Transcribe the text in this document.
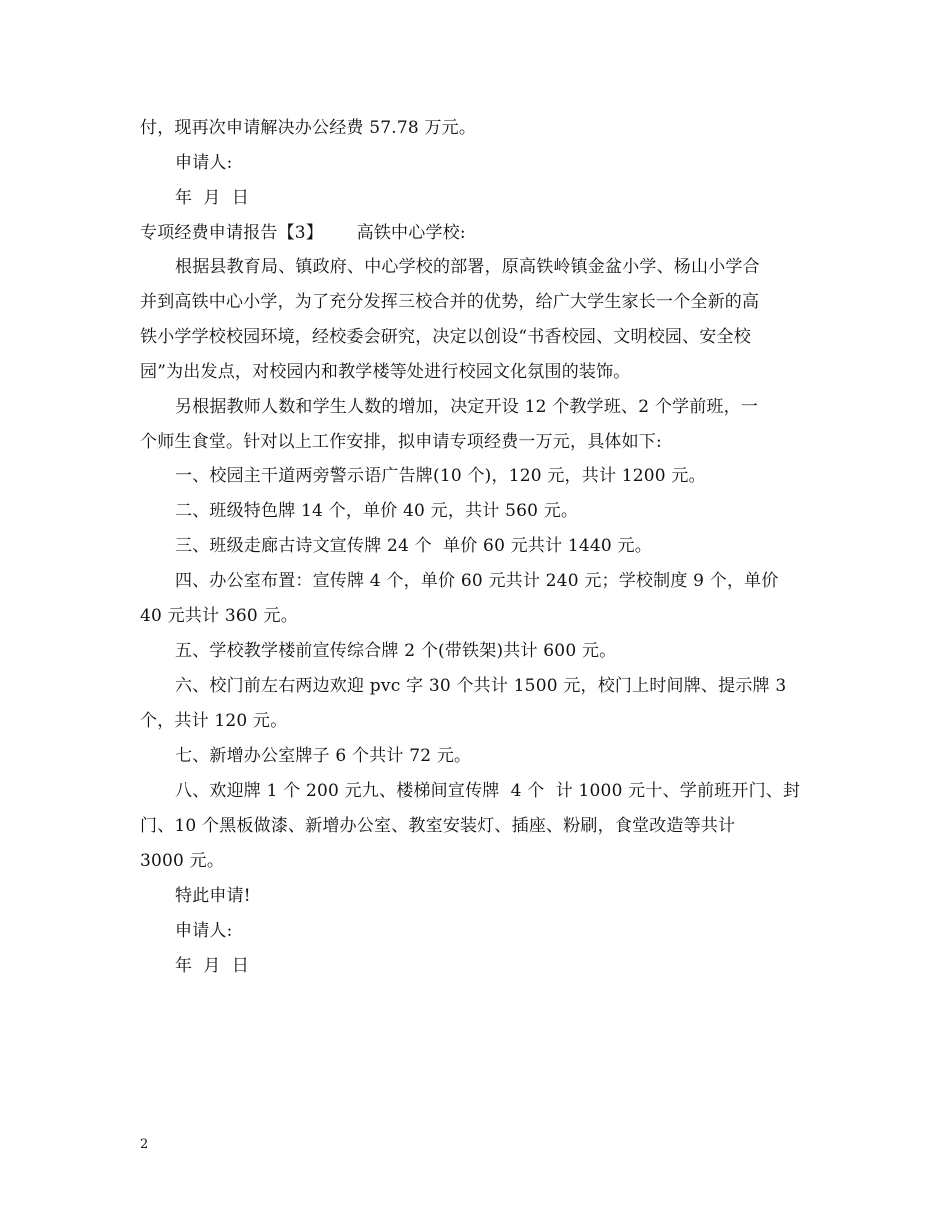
付，现再次申请解决办公经费 57.78 万元。
申请人:
年  月  日
专项经费申请报告【3】      高铁中心学校:
根据县教育局、镇政府、中心学校的部署，原高铁岭镇金盆小学、杨山小学合
并到高铁中心小学，为了充分发挥三校合并的优势，给广大学生家长一个全新的高
铁小学学校校园环境，经校委会研究，决定以创设“书香校园、文明校园、安全校
园”为出发点，对校园内和教学楼等处进行校园文化氛围的装饰。
另根据教师人数和学生人数的增加，决定开设 12 个教学班、2 个学前班，一
个师生食堂。针对以上工作安排，拟申请专项经费一万元，具体如下:
一、校园主干道两旁警示语广告牌(10 个)，120 元，共计 1200 元。
二、班级特色牌 14 个，单价 40 元，共计 560 元。
三、班级走廊古诗文宣传牌 24 个  单价 60 元共计 1440 元。
四、办公室布置：宣传牌 4 个，单价 60 元共计 240 元；学校制度 9 个，单价
40 元共计 360 元。
五、学校教学楼前宣传综合牌 2 个(带铁架)共计 600 元。
六、校门前左右两边欢迎 pvc 字 30 个共计 1500 元，校门上时间牌、提示牌 3
个，共计 120 元。
七、新增办公室牌子 6 个共计 72 元。
八、欢迎牌 1 个 200 元九、楼梯间宣传牌  4 个  计 1000 元十、学前班开门、封
门、10 个黑板做漆、新增办公室、教室安装灯、插座、粉刷，食堂改造等共计
3000 元。
特此申请!
申请人:
年  月  日
2
